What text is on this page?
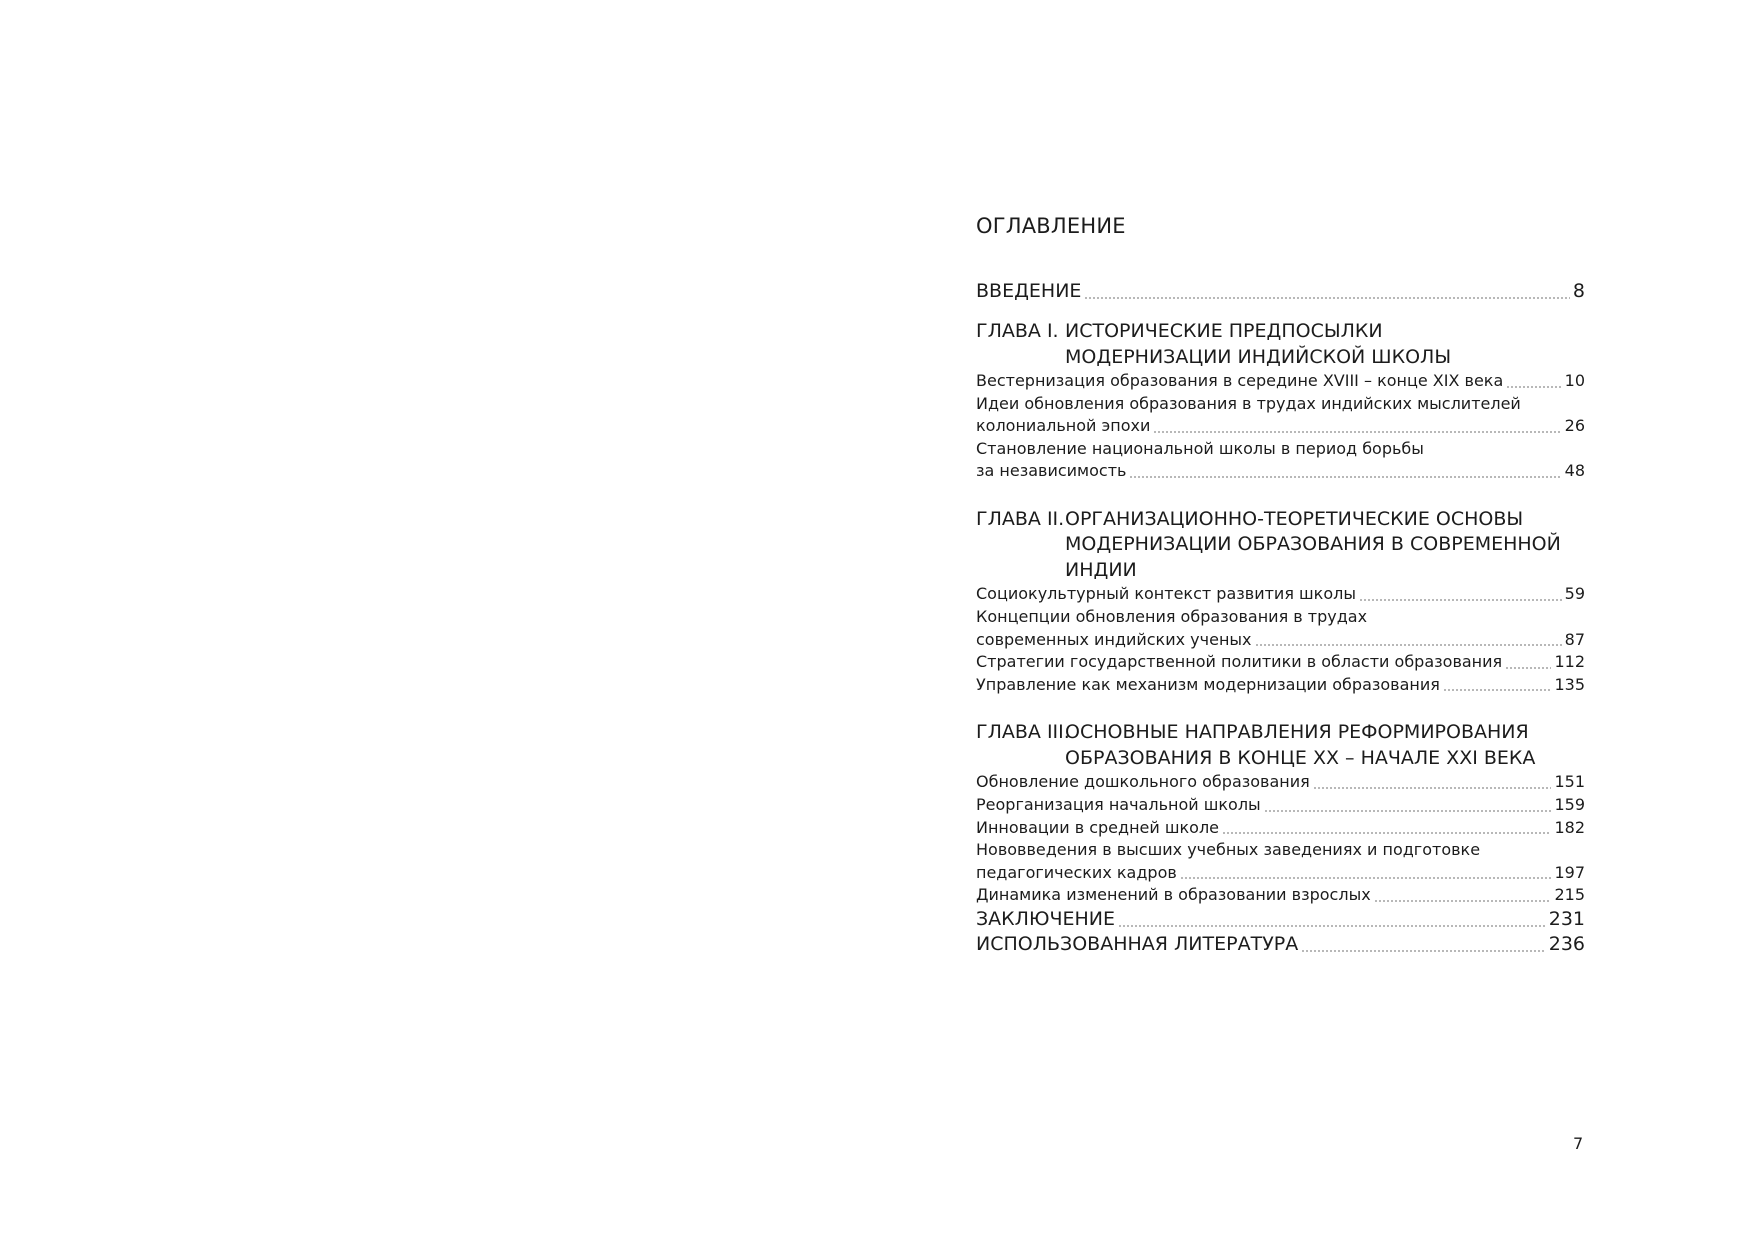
ОГЛАВЛЕНИЕ
ВВЕДЕНИЕ	8
ГЛАВА I. ИСТОРИЧЕСКИЕ ПРЕДПОСЫЛКИ
МОДЕРНИЗАЦИИ ИНДИЙСКОЙ ШКОЛЫ
Вестернизация образования в середине XVIII – конце XIX века	10
Идеи обновления образования в трудах индийских мыслителей
колониальной эпохи	26
Становление национальной школы в период борьбы
за независимость	48
ГЛАВА II. ОРГАНИЗАЦИОННО-ТЕОРЕТИЧЕСКИЕ ОСНОВЫ
МОДЕРНИЗАЦИИ ОБРАЗОВАНИЯ В СОВРЕМЕННОЙ
ИНДИИ
Социокультурный контекст развития школы	59
Концепции обновления образования в трудах
современных индийских ученых	87
Стратегии государственной политики в области образования	112
Управление как механизм модернизации образования	135
ГЛАВА III.
ОСНОВНЫЕ НАПРАВЛЕНИЯ РЕФОРМИРОВАНИЯ
ОБРАЗОВАНИЯ В КОНЦЕ XX – НАЧАЛЕ XXI ВЕКА
Обновление дошкольного образования	151
Реорганизация начальной школы	159
Инновации в средней школе	182
Нововведения в высших учебных заведениях и подготовке
педагогических кадров	197
Динамика изменений в образовании взрослых	215
ЗАКЛЮЧЕНИЕ	231
ИСПОЛЬЗОВАННАЯ ЛИТЕРАТУРА	236
7
